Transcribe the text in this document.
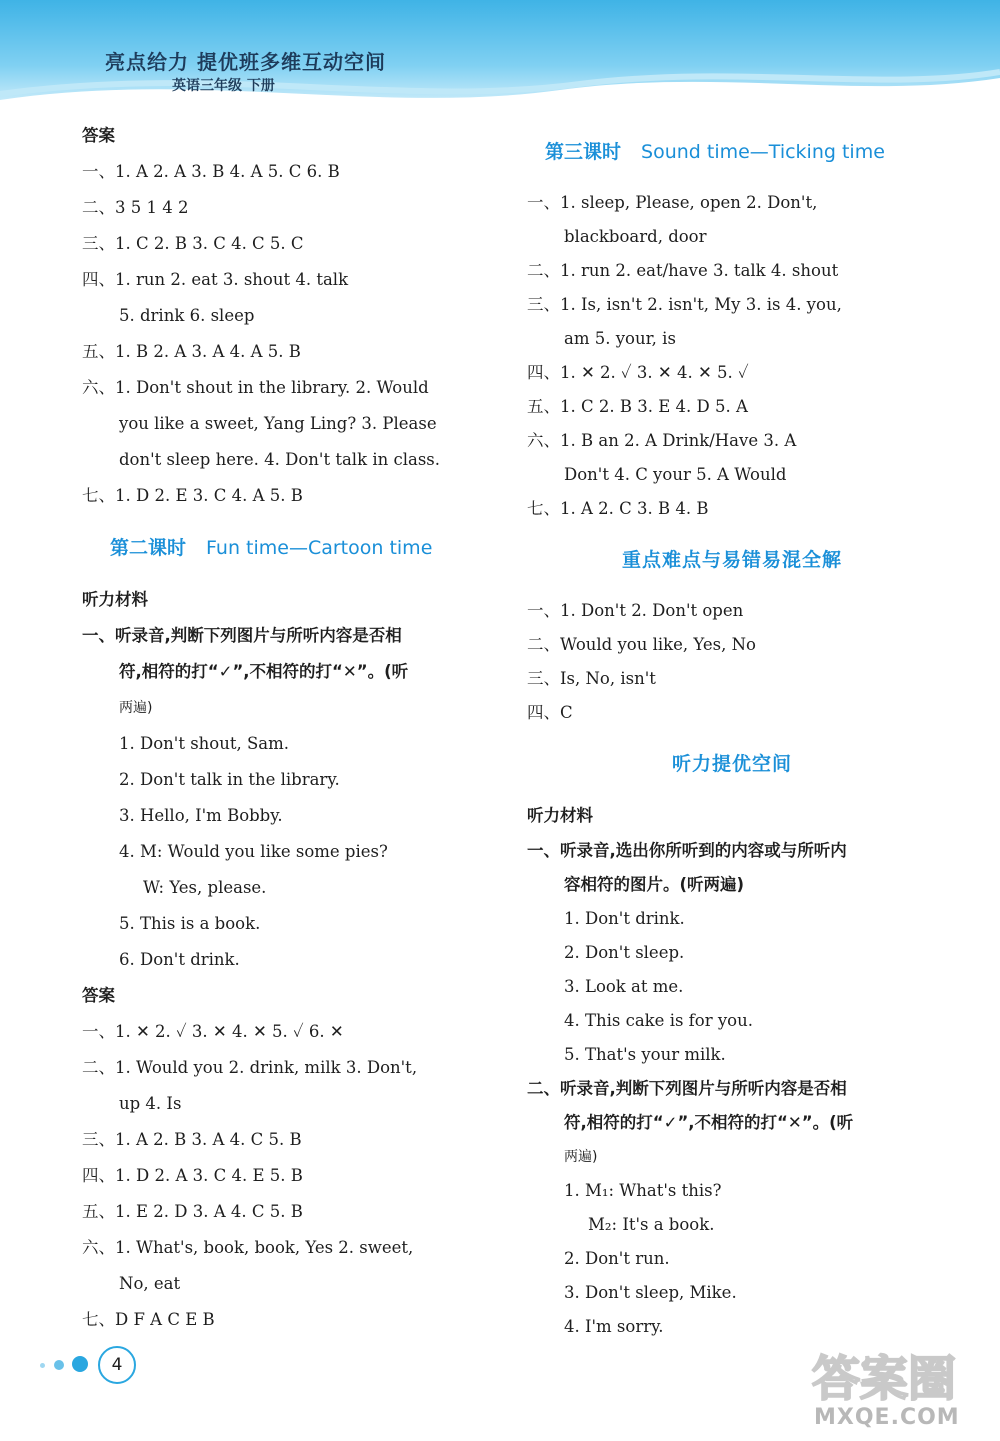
亮点给力 提优班多维互动空间
英语三年级 下册
答案
一、1. A 2. A 3. B 4. A 5. C 6. B
二、3 5 1 4 2
三、1. C 2. B 3. C 4. C 5. C
四、1. run 2. eat 3. shout 4. talk
5. drink 6. sleep
五、1. B 2. A 3. A 4. A 5. B
六、1. Don't shout in the library. 2. Would
you like a sweet, Yang Ling? 3. Please
don't sleep here. 4. Don't talk in class.
七、1. D 2. E 3. C 4. A 5. B
第二课时 Fun time—Cartoon time
听力材料
一、听录音,判断下列图片与所听内容是否相
符,相符的打“✓”,不相符的打“✕”。(听
两遍)
1. Don't shout, Sam.
2. Don't talk in the library.
3. Hello, I'm Bobby.
4. M: Would you like some pies?
W: Yes, please.
5. This is a book.
6. Don't drink.
答案
一、1. ✕ 2. ✓ 3. ✕ 4. ✕ 5. ✓ 6. ✕
二、1. Would you 2. drink, milk 3. Don't,
up 4. Is
三、1. A 2. B 3. A 4. C 5. B
四、1. D 2. A 3. C 4. E 5. B
五、1. E 2. D 3. A 4. C 5. B
六、1. What's, book, book, Yes 2. sweet,
No, eat
七、D F A C E B
第三课时 Sound time—Ticking time
一、1. sleep, Please, open 2. Don't,
blackboard, door
二、1. run 2. eat/have 3. talk 4. shout
三、1. Is, isn't 2. isn't, My 3. is 4. you,
am 5. your, is
四、1. ✕ 2. ✓ 3. ✕ 4. ✕ 5. ✓
五、1. C 2. B 3. E 4. D 5. A
六、1. B an 2. A Drink/Have 3. A
Don't 4. C your 5. A Would
七、1. A 2. C 3. B 4. B
重点难点与易错易混全解
一、1. Don't 2. Don't open
二、Would you like, Yes, No
三、Is, No, isn't
四、C
听力提优空间
听力材料
一、听录音,选出你所听到的内容或与所听内
容相符的图片。(听两遍)
1. Don't drink.
2. Don't sleep.
3. Look at me.
4. This cake is for you.
5. That's your milk.
二、听录音,判断下列图片与所听内容是否相
符,相符的打“✓”,不相符的打“✕”。(听
两遍)
1. M₁: What's this?
M₂: It's a book.
2. Don't run.
3. Don't sleep, Mike.
4. I'm sorry.
4	答案圈
MXQE.COM
